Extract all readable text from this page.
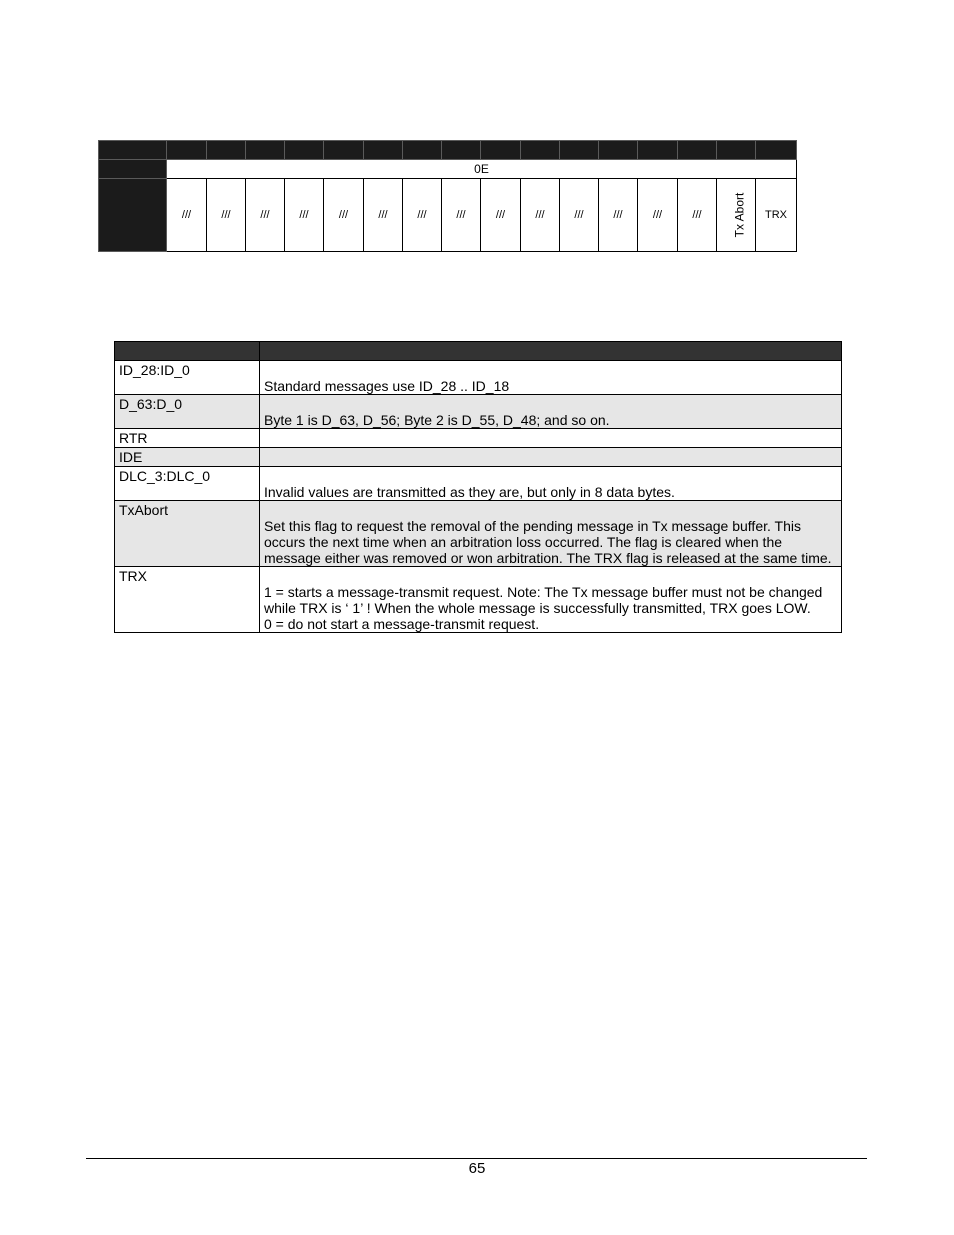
	0E															
	///	///	///	///	///	///	///	///	///	///	///	///	///	///	Tx Abort	TRX

ID_28:ID_0	Standard messages use ID_28 .. ID_18

D_63:D_0	Byte 1 is D_63, D_56; Byte 2 is D_55, D_48; and so on.

RTR	
IDE	
DLC_3:DLC_0	Invalid values are transmitted as they are, but only in 8 data bytes.

TxAbort	Set this flag to request the removal of the pending message in Tx message buffer. This
occurs the next time when an arbitration loss occurred. The flag is cleared when the
message either was removed or won arbitration. The TRX flag is released at the same time.

TRX	1 = starts a message-transmit request. Note: The Tx message buffer must not be changed
while TRX is ‘ 1’ ! When the whole message is successfully transmitted, TRX goes LOW.
0 = do not start a message-transmit request.
65
